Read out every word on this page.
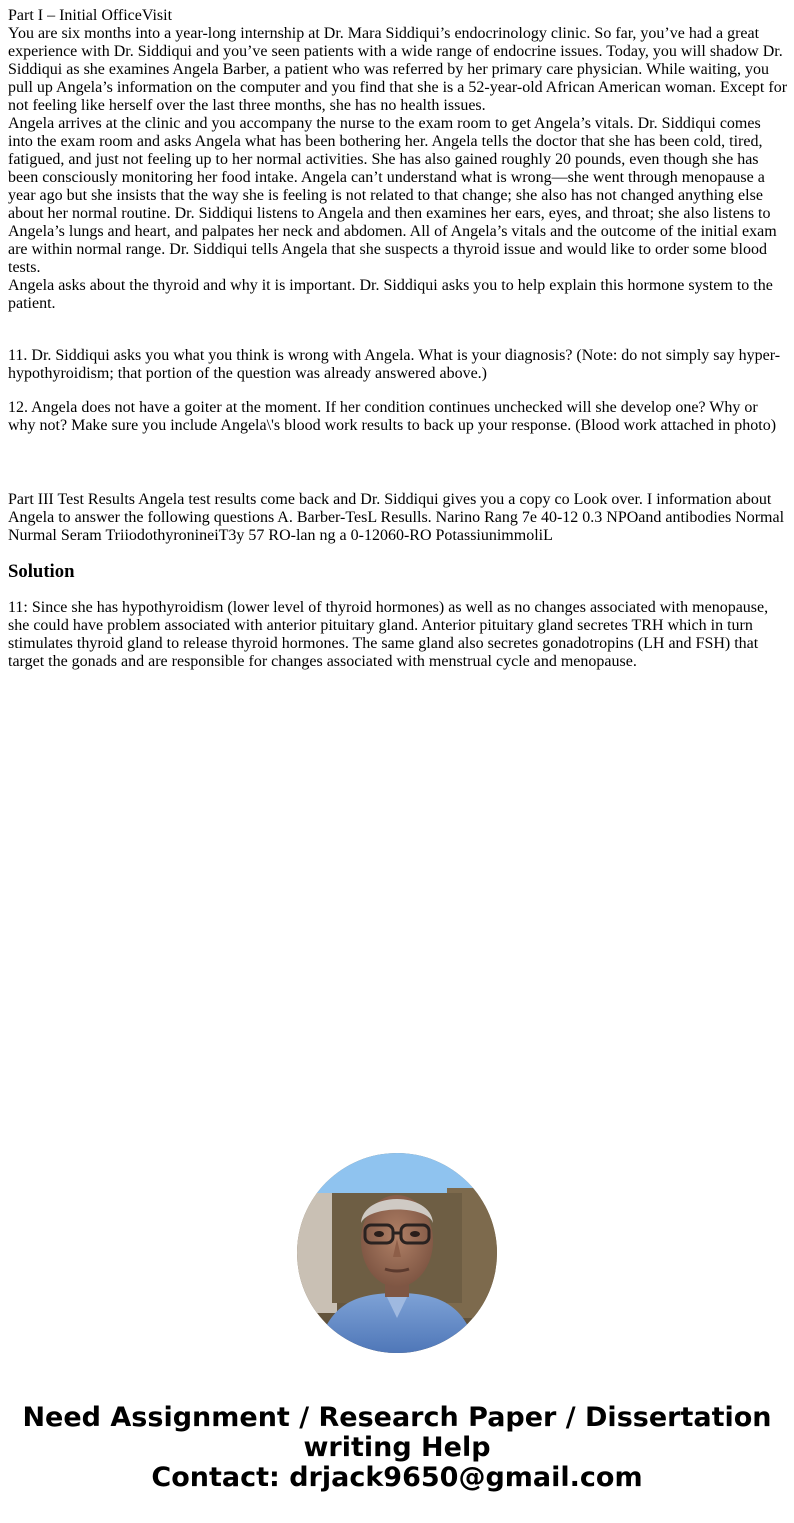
Part I – Initial OfficeVisit

You are six months into a year-long internship at Dr. Mara Siddiqui’s endocrinology clinic. So far, you’ve had a great experience with Dr. Siddiqui and you’ve seen patients with a wide range of endocrine issues. Today, you will shadow Dr. Siddiqui as she examines Angela Barber, a patient who was referred by her primary care physician. While waiting, you pull up Angela’s information on the computer and you find that she is a 52-year-old African American woman. Except for not feeling like herself over the last three months, she has no health issues.

Angela arrives at the clinic and you accompany the nurse to the exam room to get Angela’s vitals. Dr. Siddiqui comes into the exam room and asks Angela what has been bothering her. Angela tells the doctor that she has been cold, tired, fatigued, and just not feeling up to her normal activities. She has also gained roughly 20 pounds, even though she has been consciously monitoring her food intake. Angela can’t understand what is wrong—she went through menopause a year ago but she insists that the way she is feeling is not related to that change; she also has not changed anything else about her normal routine. Dr. Siddiqui listens to Angela and then examines her ears, eyes, and throat; she also listens to Angela’s lungs and heart, and palpates her neck and abdomen. All of Angela’s vitals and the outcome of the initial exam are within normal range. Dr. Siddiqui tells Angela that she suspects a thyroid issue and would like to order some blood tests.

Angela asks about the thyroid and why it is important. Dr. Siddiqui asks you to help explain this hormone system to the patient.

11. Dr. Siddiqui asks you what you think is wrong with Angela. What is your diagnosis? (Note: do not simply say hyper-hypothyroidism; that portion of the question was already answered above.)

12. Angela does not have a goiter at the moment. If her condition continues unchecked will she develop one? Why or why not? Make sure you include Angela\'s blood work results to back up your response. (Blood work attached in photo)

Part III Test Results Angela test results come back and Dr. Siddiqui gives you a copy co Look over. I information about Angela to answer the following questions A. Barber-TesL Resulls. Narino Rang 7e 40-12 0.3 NPOand antibodies Normal Nurmal Seram TriiodothyronineiT3y 57 RO-lan ng a 0-12060-RO PotassiunimmoliL

Solution

11: Since she has hypothyroidism (lower level of thyroid hormones) as well as no changes associated with menopause, she could have problem associated with anterior pituitary gland. Anterior pituitary gland secretes TRH which in turn stimulates thyroid gland to release thyroid hormones. The same gland also secretes gonadotropins (LH and FSH) that target the gonads and are responsible for changes associated with menstrual cycle and menopause.

Need Assignment / Research Paper / Dissertation
writing Help
Contact: drjack9650@gmail.com
